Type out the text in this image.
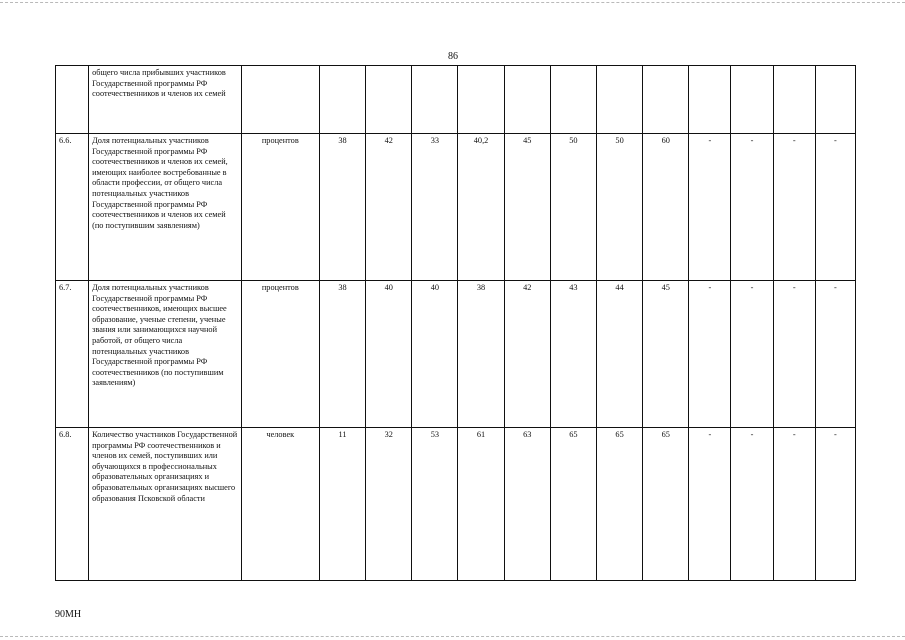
86
	общего числа прибывших участников Государственной программы РФ соотечественников и членов их семей													
6.6.	Доля потенциальных участников Государственной программы РФ соотечественников и членов их семей, имеющих наиболее востребованные в области профессии, от общего числа потенциальных участников Государственной программы РФ соотечественников и членов их семей (по поступившим заявлениям)	процентов	38	42	33	40,2	45	50	50	60	-	-	-	-
6.7.	Доля потенциальных участников Государственной программы РФ соотечественников, имеющих высшее образование, ученые степени, ученые звания или занимающихся научной работой, от общего числа потенциальных участников Государственной программы РФ соотечественников (по поступившим заявлениям)	процентов	38	40	40	38	42	43	44	45	-	-	-	-
6.8.	Количество участников Государственной программы РФ соотечественников и членов их семей, поступивших или обучающихся в профессиональных образовательных организациях и образовательных организациях высшего образования Псковской области	человек	11	32	53	61	63	65	65	65	-	-	-	-
90МН
